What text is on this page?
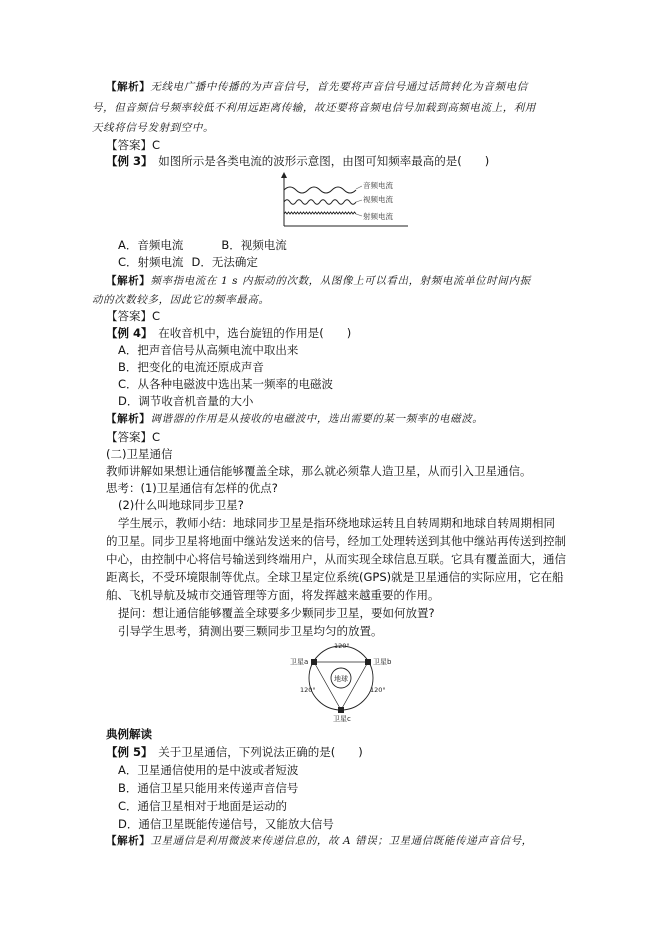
【解析】无线电广播中传播的为声音信号，首先要将声音信号通过话筒转化为音频电信
号，但音频信号频率较低不利用远距离传输，故还要将音频电信号加载到高频电流上，利用
天线将信号发射到空中。
【答案】C
【例 3】　如图所示是各类电流的波形示意图，由图可知频率最高的是(　　)
音频电流
视频电流
射频电流
A．音频电流	B．视频电流
C．射频电流 D．无法确定
【解析】频率指电流在 1 s 内振动的次数，从图像上可以看出，射频电流单位时间内振
动的次数较多，因此它的频率最高。
【答案】C
【例 4】　在收音机中，选台旋钮的作用是(　　)
A．把声音信号从高频电流中取出来
B．把变化的电流还原成声音
C．从各种电磁波中选出某一频率的电磁波
D．调节收音机音量的大小
【解析】调谐器的作用是从接收的电磁波中，选出需要的某一频率的电磁波。
【答案】C
(二)卫星通信
教师讲解如果想让通信能够覆盖全球，那么就必须靠人造卫星，从而引入卫星通信。
思考：(1)卫星通信有怎样的优点?
(2)什么叫地球同步卫星?
学生展示，教师小结：地球同步卫星是指环绕地球运转且自转周期和地球自转周期相同
的卫星。同步卫星将地面中继站发送来的信号，经加工处理转送到其他中继站再传送到控制
中心，由控制中心将信号输送到终端用户，从而实现全球信息互联。它具有覆盖面大，通信
距离长，不受环境限制等优点。全球卫星定位系统(GPS)就是卫星通信的实际应用，它在船
舶、飞机导航及城市交通管理等方面，将发挥越来越重要的作用。
提问：想让通信能够覆盖全球要多少颗同步卫星，要如何放置?
引导学生思考，猜测出要三颗同步卫星均匀的放置。
地球
卫星a	卫星b
卫星c
120°
120°	120°
典例解读
【例 5】　关于卫星通信，下列说法正确的是(　　)
A．卫星通信使用的是中波或者短波
B．通信卫星只能用来传递声音信号
C．通信卫星相对于地面是运动的
D．通信卫星既能传递信号，又能放大信号
【解析】卫星通信是利用微波来传递信息的，故 A 错误；卫星通信既能传递声音信号，
